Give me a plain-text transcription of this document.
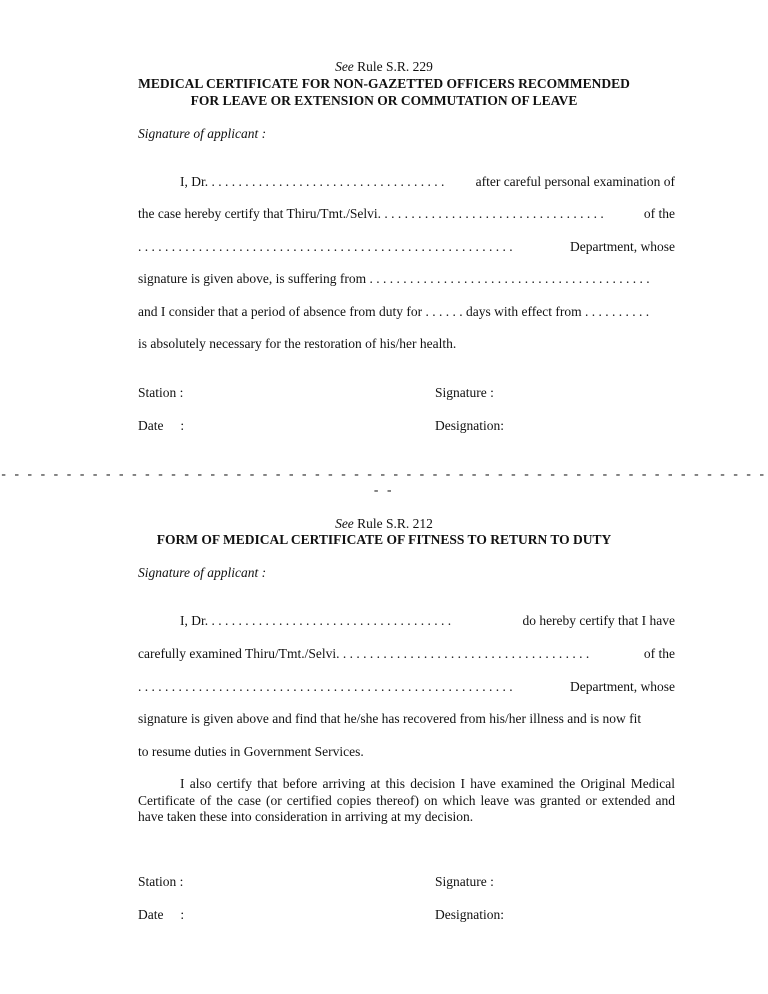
See Rule S.R. 229
MEDICAL CERTIFICATE FOR NON-GAZETTED OFFICERS RECOMMENDED
FOR LEAVE OR EXTENSION OR COMMUTATION OF LEAVE
Signature of applicant :
I, Dr. . . . . . . . . . . . . . . . . . . . . . . . . . . . . . . . . . . . after careful personal examination of
the case hereby certify that Thiru/Tmt./Selvi. . . . . . . . . . . . . . . . . . . . . . . . . . . . . . . . . .	of the
. . . . . . . . . . . . . . . . . . . . . . . . . . . . . . . . . . . . . . . . . . . . . . . . . . . . . . . .	Department, whose
signature is given above, is suffering from . . . . . . . . . . . . . . . . . . . . . . . . . . . . . . . . . . . . . . . . . .
and I consider that a period of absence from duty for . . . . . . days with effect from . . . . . . . . . .
is absolutely necessary for the restoration of his/her health.
Station :	Signature :
Date     :	Designation:
- - - - - - - - - - - - - - - - - - - - - - - - - - - - - - - - - - - - - - - - - - - - - - - - - - - - - - - - - - - - -
See Rule S.R. 212
FORM OF MEDICAL CERTIFICATE OF FITNESS TO RETURN TO DUTY
Signature of applicant :
I, Dr. . . . . . . . . . . . . . . . . . . . . . . . . . . . . . . . . . . . .	do hereby certify that I have
carefully examined Thiru/Tmt./Selvi. . . . . . . . . . . . . . . . . . . . . . . . . . . . . . . . . . . . . .	of the
. . . . . . . . . . . . . . . . . . . . . . . . . . . . . . . . . . . . . . . . . . . . . . . . . . . . . . . .	Department, whose
signature is given above and find that he/she has recovered from his/her illness and is now fit
to resume duties in Government Services.
I also certify that before arriving at this decision I have examined the Original Medical Certificate of the case (or certified copies thereof) on which leave was granted or extended and have taken these into consideration in arriving at my decision.
Station :	Signature :
Date     :	Designation:
